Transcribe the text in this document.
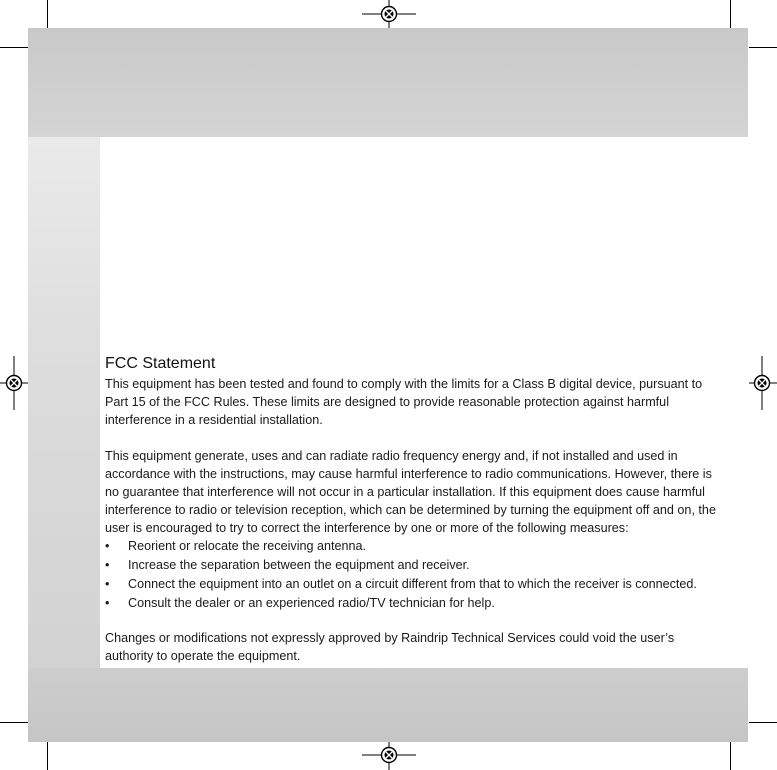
FCC Statement
This equipment has been tested and found to comply with the limits for a Class B digital device, pursuant to
Part 15 of the FCC Rules. These limits are designed to provide reasonable protection against harmful
interference in a residential installation.
This equipment generate, uses and can radiate radio frequency energy and, if not installed and used in
accordance with the instructions, may cause harmful interference to radio communications. However, there is
no guarantee that interference will not occur in a particular installation. If this equipment does cause harmful
interference to radio or television reception, which can be determined by turning the equipment off and on, the
user is encouraged to try to correct the interference by one or more of the following measures:
• Reorient or relocate the receiving antenna.
• Increase the separation between the equipment and receiver.
• Connect the equipment into an outlet on a circuit different from that to which the receiver is connected.
• Consult the dealer or an experienced radio/TV technician for help.
Changes or modifications not expressly approved by Raindrip Technical Services could void the user’s
authority to operate the equipment.
